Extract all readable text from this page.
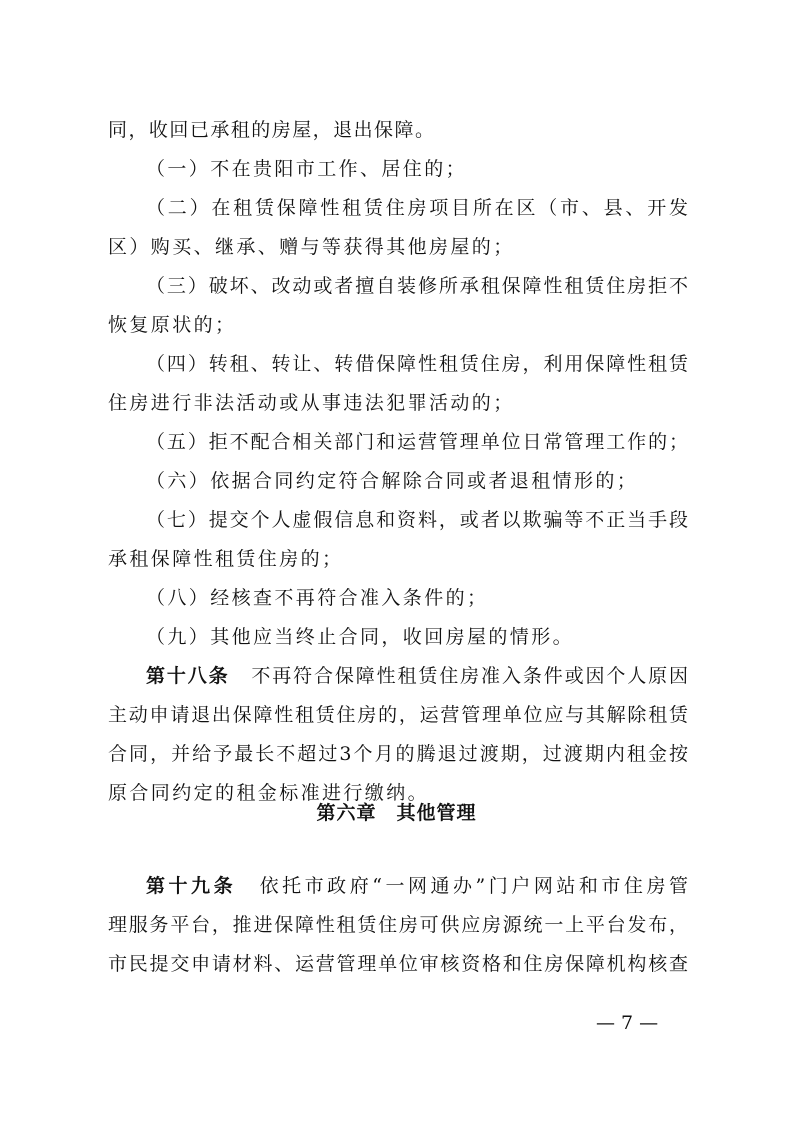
同，收回已承租的房屋，退出保障。
（一）不在贵阳市工作、居住的；
（二）在租赁保障性租赁住房项目所在区（市、县、开发
区）购买、继承、赠与等获得其他房屋的；
（三）破坏、改动或者擅自装修所承租保障性租赁住房拒不
恢复原状的；
（四）转租、转让、转借保障性租赁住房，利用保障性租赁
住房进行非法活动或从事违法犯罪活动的；
（五）拒不配合相关部门和运营管理单位日常管理工作的；
（六）依据合同约定符合解除合同或者退租情形的；
（七）提交个人虚假信息和资料，或者以欺骗等不正当手段
承租保障性租赁住房的；
（八）经核查不再符合准入条件的；
（九）其他应当终止合同，收回房屋的情形。
第十八条 不再符合保障性租赁住房准入条件或因个人原因
主动申请退出保障性租赁住房的，运营管理单位应与其解除租赁
合同，并给予最长不超过3个月的腾退过渡期，过渡期内租金按
原合同约定的租金标准进行缴纳。
第六章　其他管理
第十九条 依托市政府“一网通办”门户网站和市住房管
理服务平台，推进保障性租赁住房可供应房源统一上平台发布，
市民提交申请材料、运营管理单位审核资格和住房保障机构核查
— 7 —
